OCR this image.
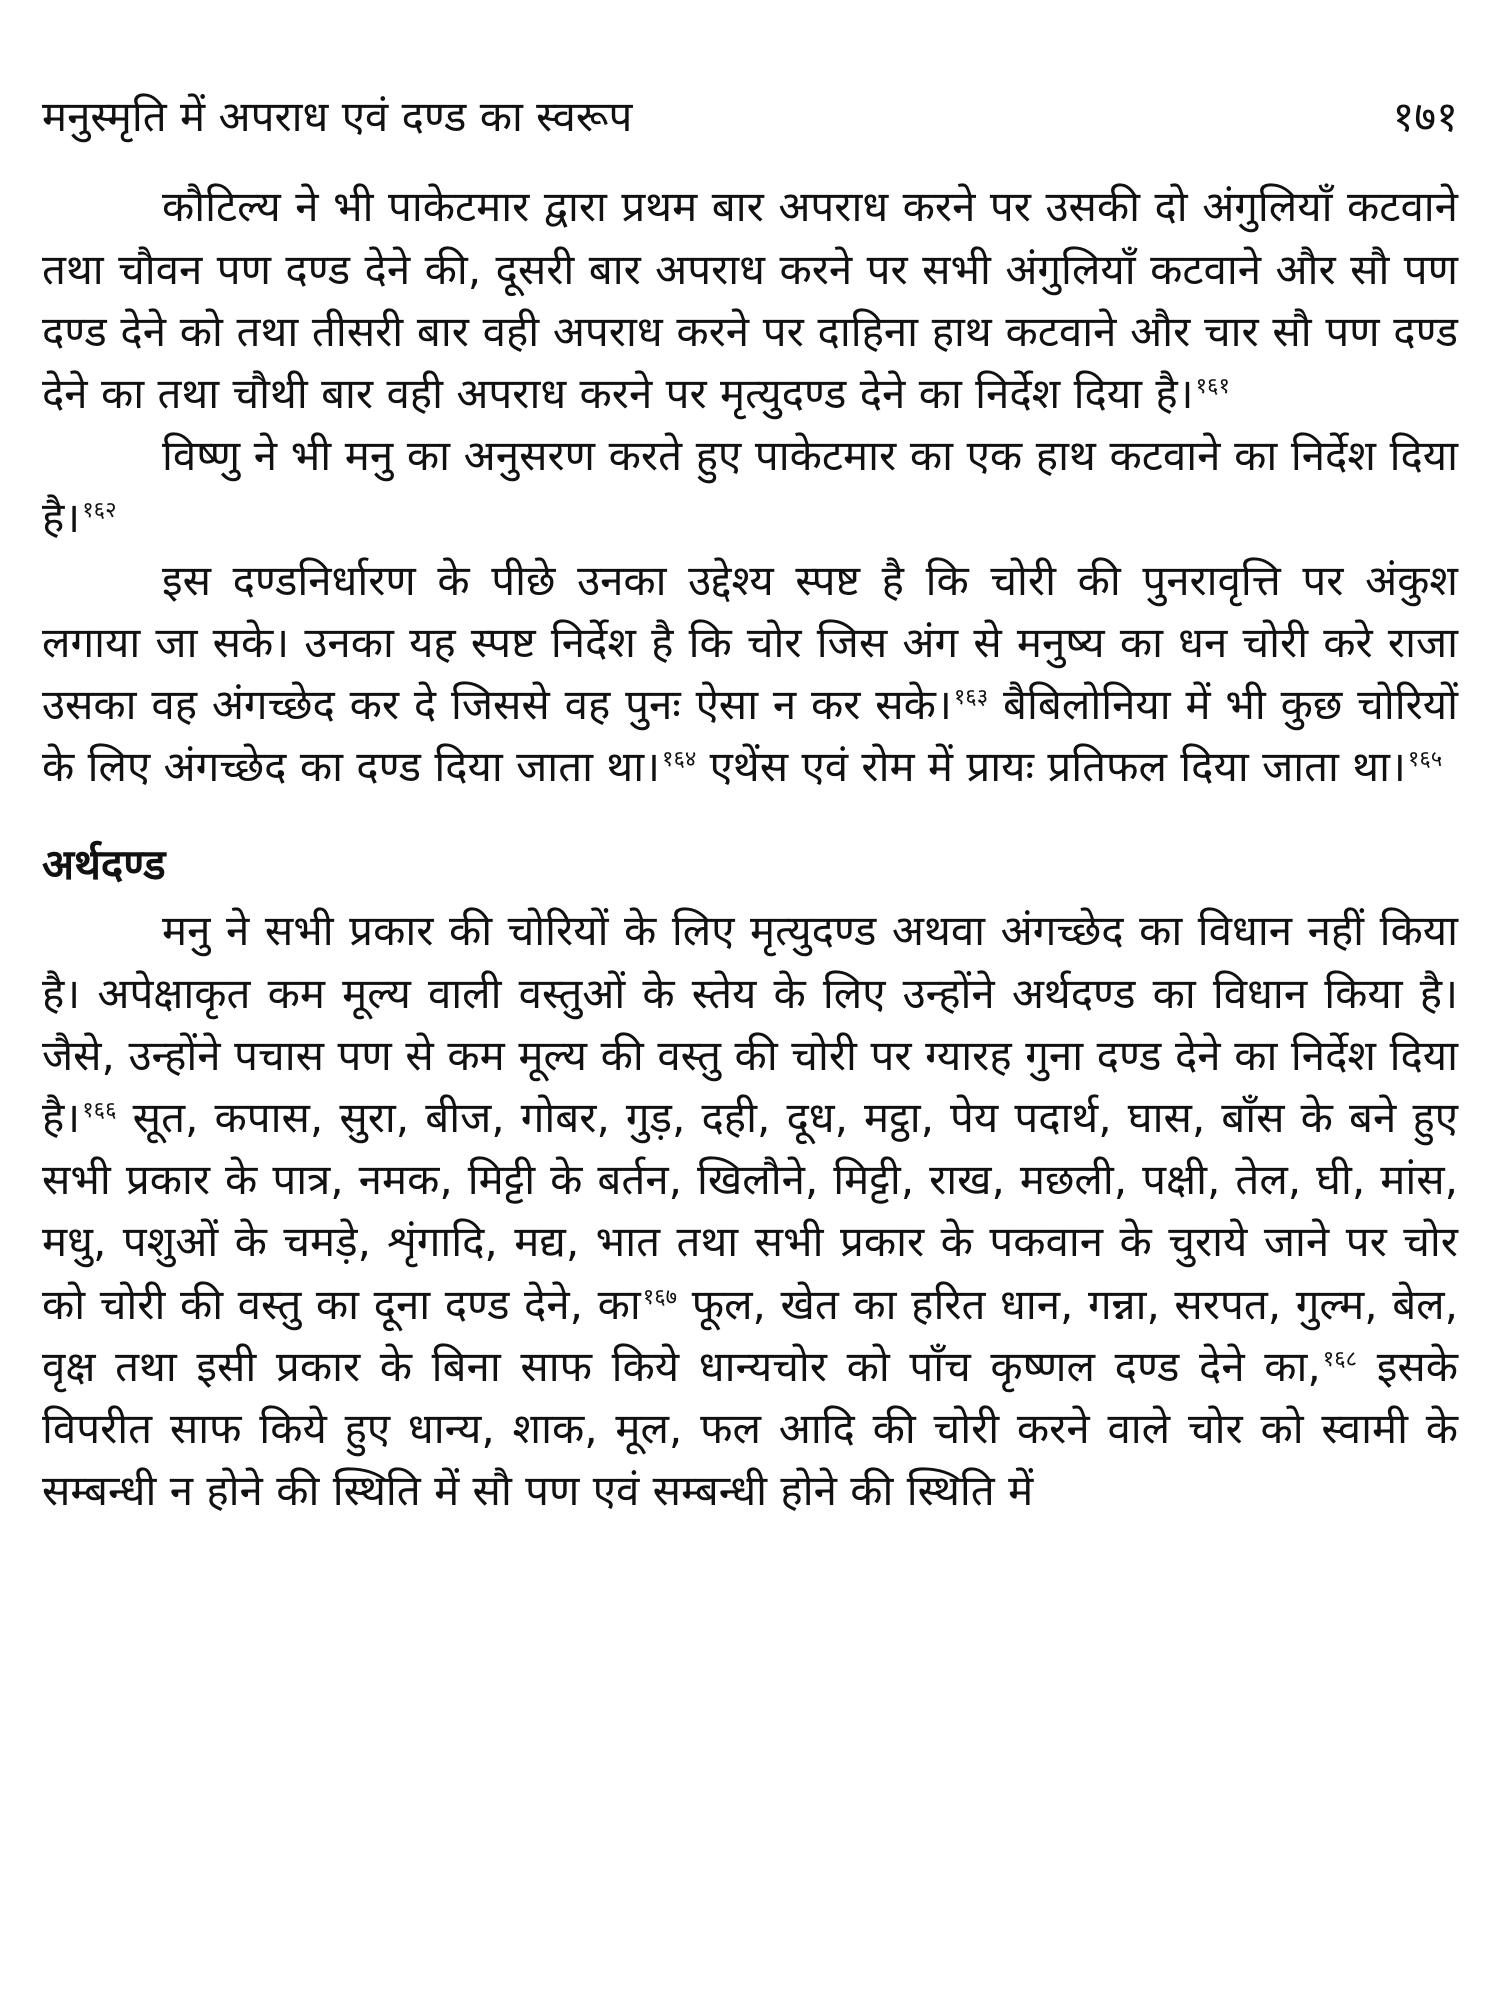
मनुस्मृति में अपराध एवं दण्ड का स्वरूप	१७१

कौटिल्य ने भी पाकेटमार द्वारा प्रथम बार अपराध करने पर उसकी दो अंगुलियाँ कटवाने तथा चौवन पण दण्ड देने की, दूसरी बार अपराध करने पर सभी अंगुलियाँ कटवाने और सौ पण दण्ड देने को तथा तीसरी बार वही अपराध करने पर दाहिना हाथ कटवाने और चार सौ पण दण्ड देने का तथा चौथी बार वही अपराध करने पर मृत्युदण्ड देने का निर्देश दिया है।$^{१६१}$

विष्णु ने भी मनु का अनुसरण करते हुए पाकेटमार का एक हाथ कटवाने का निर्देश दिया है।$^{१६२}$

इस दण्डनिर्धारण के पीछे उनका उद्देश्य स्पष्ट है कि चोरी की पुनरावृत्ति पर अंकुश लगाया जा सके। उनका यह स्पष्ट निर्देश है कि चोर जिस अंग से मनुष्य का धन चोरी करे राजा उसका वह अंगच्छेद कर दे जिससे वह पुनः ऐसा न कर सके।$^{१६३}$ बैबिलोनिया में भी कुछ चोरियों के लिए अंगच्छेद का दण्ड दिया जाता था।$^{१६४}$ एथेंस एवं रोम में प्रायः प्रतिफल दिया जाता था।$^{१६५}$

अर्थदण्ड

मनु ने सभी प्रकार की चोरियों के लिए मृत्युदण्ड अथवा अंगच्छेद का विधान नहीं किया है। अपेक्षाकृत कम मूल्य वाली वस्तुओं के स्तेय के लिए उन्होंने अर्थदण्ड का विधान किया है। जैसे, उन्होंने पचास पण से कम मूल्य की वस्तु की चोरी पर ग्यारह गुना दण्ड देने का निर्देश दिया है।$^{१६६}$ सूत, कपास, सुरा, बीज, गोबर, गुड़, दही, दूध, मट्ठा, पेय पदार्थ, घास, बाँस के बने हुए सभी प्रकार के पात्र, नमक, मिट्टी के बर्तन, खिलौने, मिट्टी, राख, मछली, पक्षी, तेल, घी, मांस, मधु, पशुओं के चमड़े, शृंगादि, मद्य, भात तथा सभी प्रकार के पकवान के चुराये जाने पर चोर को चोरी की वस्तु का दूना दण्ड देने, का$^{१६७}$ फूल, खेत का हरित धान, गन्ना, सरपत, गुल्म, बेल, वृक्ष तथा इसी प्रकार के बिना साफ किये धान्यचोर को पाँच कृष्णल दण्ड देने का,$^{१६८}$ इसके विपरीत साफ किये हुए धान्य, शाक, मूल, फल आदि की चोरी करने वाले चोर को स्वामी के सम्बन्धी न होने की स्थिति में सौ पण एवं सम्बन्धी होने की स्थिति में
